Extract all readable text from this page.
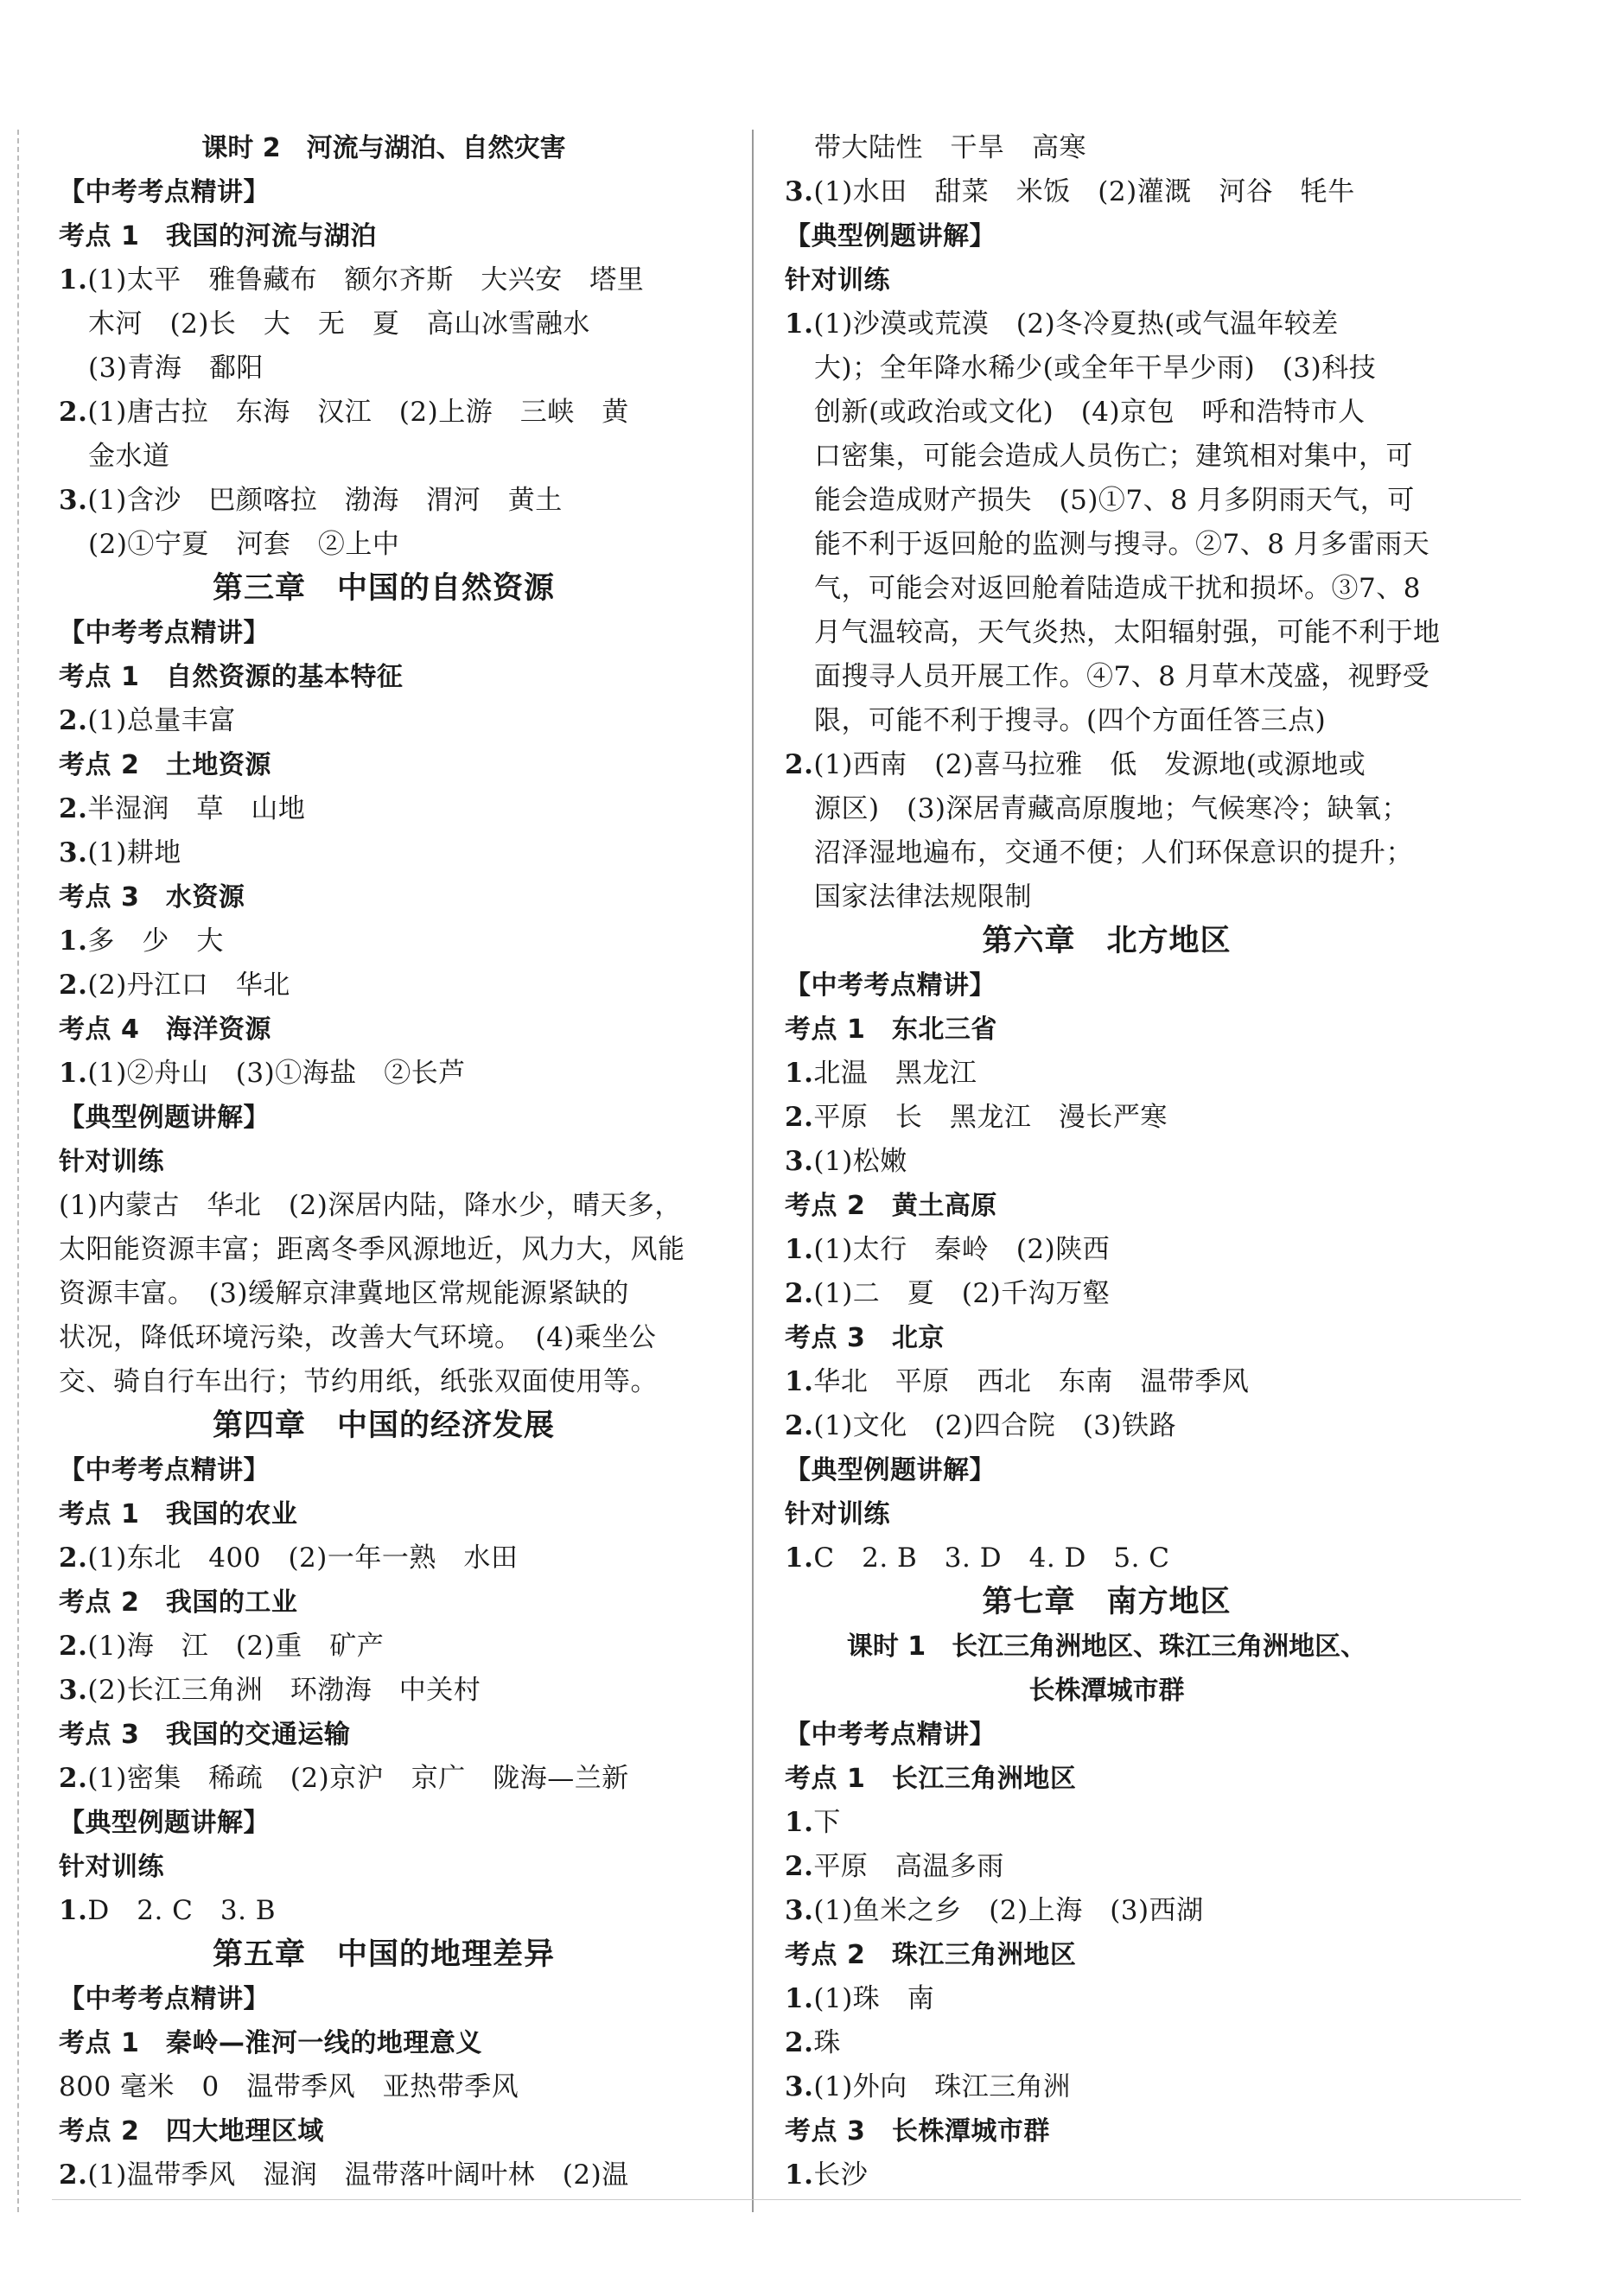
课时 2　河流与湖泊、自然灾害
【中考考点精讲】
考点 1　我国的河流与湖泊
1.(1)太平　雅鲁藏布　额尔齐斯　大兴安　塔里
木河　(2)长　大　无　夏　高山冰雪融水
(3)青海　鄱阳
2.(1)唐古拉　东海　汉江　(2)上游　三峡　黄
金水道
3.(1)含沙　巴颜喀拉　渤海　渭河　黄土
(2)①宁夏　河套　②上中
第三章　中国的自然资源
【中考考点精讲】
考点 1　自然资源的基本特征
2.(1)总量丰富
考点 2　土地资源
2.半湿润　草　山地
3.(1)耕地
考点 3　水资源
1.多　少　大
2.(2)丹江口　华北
考点 4　海洋资源
1.(1)②舟山　(3)①海盐　②长芦
【典型例题讲解】
针对训练
(1)内蒙古　华北　(2)深居内陆，降水少，晴天多，
太阳能资源丰富；距离冬季风源地近，风力大，风能
资源丰富。　(3)缓解京津冀地区常规能源紧缺的
状况，降低环境污染，改善大气环境。　(4)乘坐公
交、骑自行车出行；节约用纸，纸张双面使用等。
第四章　中国的经济发展
【中考考点精讲】
考点 1　我国的农业
2.(1)东北　400　(2)一年一熟　水田
考点 2　我国的工业
2.(1)海　江　(2)重　矿产
3.(2)长江三角洲　环渤海　中关村
考点 3　我国的交通运输
2.(1)密集　稀疏　(2)京沪　京广　陇海—兰新
【典型例题讲解】
针对训练
1.D　2. C　3. B
第五章　中国的地理差异
【中考考点精讲】
考点 1　秦岭—淮河一线的地理意义
800 毫米　0　温带季风　亚热带季风
考点 2　四大地理区域
2.(1)温带季风　湿润　温带落叶阔叶林　(2)温
带大陆性　干旱　高寒
3.(1)水田　甜菜　米饭　(2)灌溉　河谷　牦牛
【典型例题讲解】
针对训练
1.(1)沙漠或荒漠　(2)冬冷夏热(或气温年较差
大)；全年降水稀少(或全年干旱少雨)　(3)科技
创新(或政治或文化)　(4)京包　呼和浩特市人
口密集，可能会造成人员伤亡；建筑相对集中，可
能会造成财产损失　(5)①7、8 月多阴雨天气，可
能不利于返回舱的监测与搜寻。②7、8 月多雷雨天
气，可能会对返回舱着陆造成干扰和损坏。③7、8
月气温较高，天气炎热，太阳辐射强，可能不利于地
面搜寻人员开展工作。④7、8 月草木茂盛，视野受
限，可能不利于搜寻。(四个方面任答三点)
2.(1)西南　(2)喜马拉雅　低　发源地(或源地或
源区)　(3)深居青藏高原腹地；气候寒冷；缺氧；
沼泽湿地遍布，交通不便；人们环保意识的提升；
国家法律法规限制
第六章　北方地区
【中考考点精讲】
考点 1　东北三省
1.北温　黑龙江
2.平原　长　黑龙江　漫长严寒
3.(1)松嫩
考点 2　黄土高原
1.(1)太行　秦岭　(2)陕西
2.(1)二　夏　(2)千沟万壑
考点 3　北京
1.华北　平原　西北　东南　温带季风
2.(1)文化　(2)四合院　(3)铁路
【典型例题讲解】
针对训练
1.C　2. B　3. D　4. D　5. C
第七章　南方地区
课时 1　长江三角洲地区、珠江三角洲地区、
长株潭城市群
【中考考点精讲】
考点 1　长江三角洲地区
1.下
2.平原　高温多雨
3.(1)鱼米之乡　(2)上海　(3)西湖
考点 2　珠江三角洲地区
1.(1)珠　南
2.珠
3.(1)外向　珠江三角洲
考点 3　长株潭城市群
1.长沙
